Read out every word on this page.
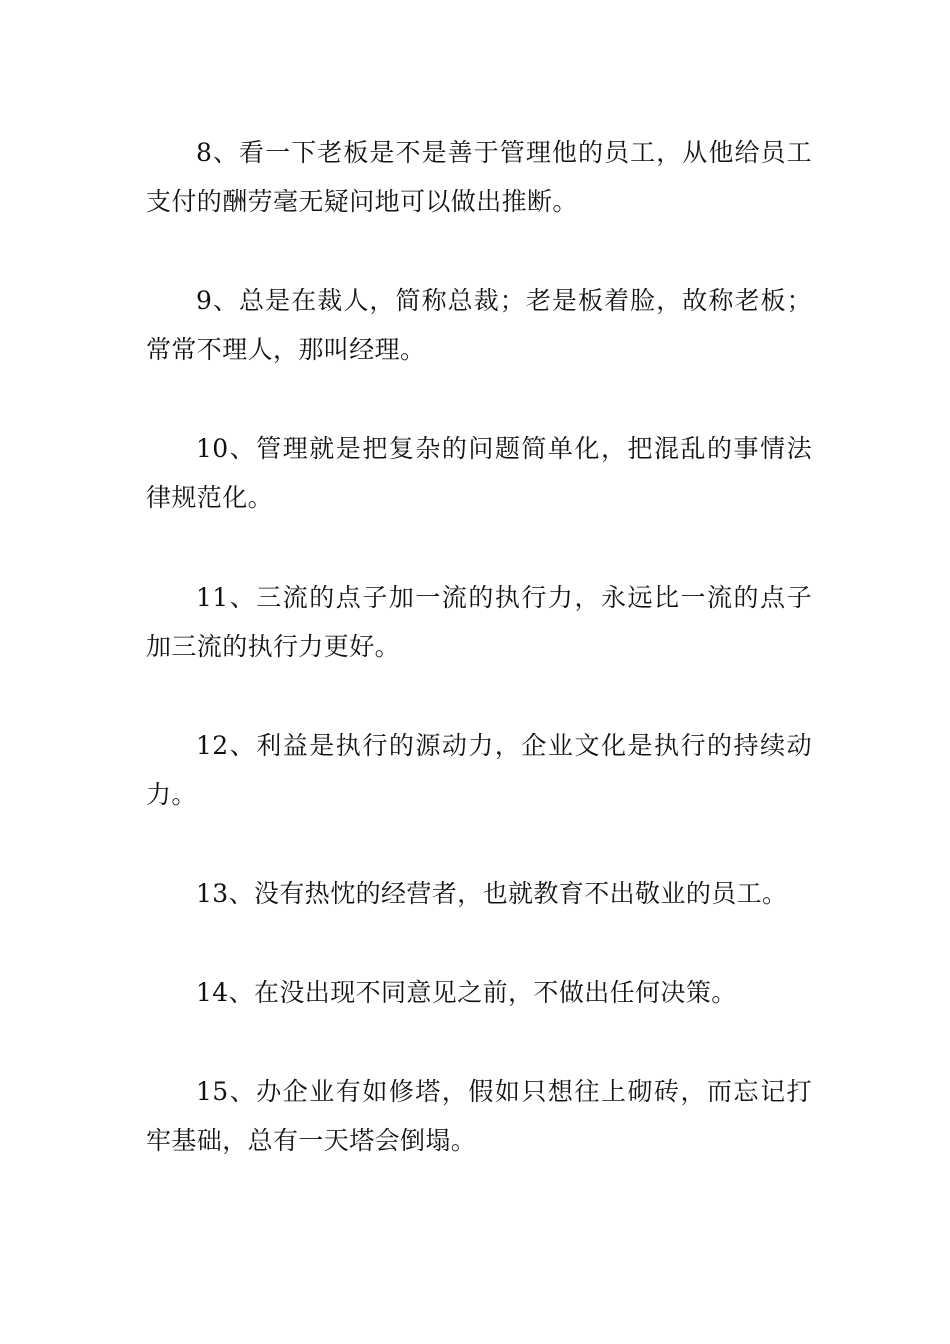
8、看一下老板是不是善于管理他的员工，从他给员工支付的酬劳毫无疑问地可以做出推断。

9、总是在裁人，简称总裁；老是板着脸，故称老板；常常不理人，那叫经理。

10、管理就是把复杂的问题简单化，把混乱的事情法律规范化。

11、三流的点子加一流的执行力，永远比一流的点子加三流的执行力更好。

12、利益是执行的源动力，企业文化是执行的持续动力。

13、没有热忱的经营者，也就教育不出敬业的员工。

14、在没出现不同意见之前，不做出任何决策。

15、办企业有如修塔，假如只想往上砌砖，而忘记打牢基础，总有一天塔会倒塌。
